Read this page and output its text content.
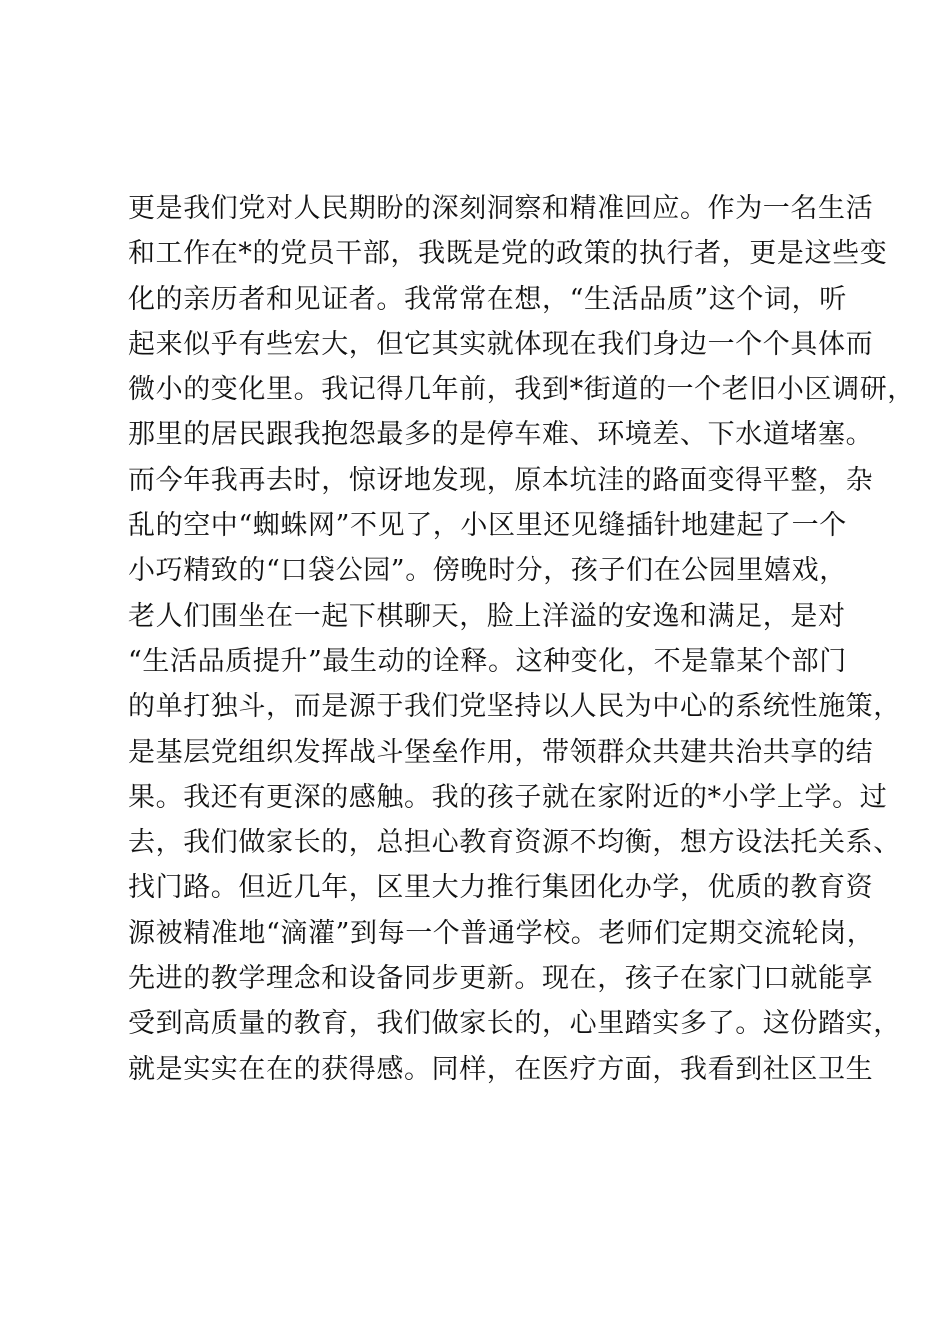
更是我们党对人民期盼的深刻洞察和精准回应。作为一名生活
和工作在*的党员干部，我既是党的政策的执行者，更是这些变
化的亲历者和见证者。我常常在想，“生活品质”这个词，听
起来似乎有些宏大，但它其实就体现在我们身边一个个具体而
微小的变化里。我记得几年前，我到*街道的一个老旧小区调研，
那里的居民跟我抱怨最多的是停车难、环境差、下水道堵塞。
而今年我再去时，惊讶地发现，原本坑洼的路面变得平整，杂
乱的空中“蜘蛛网”不见了，小区里还见缝插针地建起了一个
小巧精致的“口袋公园”。傍晚时分，孩子们在公园里嬉戏，
老人们围坐在一起下棋聊天，脸上洋溢的安逸和满足，是对
“生活品质提升”最生动的诠释。这种变化，不是靠某个部门
的单打独斗，而是源于我们党坚持以人民为中心的系统性施策，
是基层党组织发挥战斗堡垒作用，带领群众共建共治共享的结
果。我还有更深的感触。我的孩子就在家附近的*小学上学。过
去，我们做家长的，总担心教育资源不均衡，想方设法托关系、
找门路。但近几年，区里大力推行集团化办学，优质的教育资
源被精准地“滴灌”到每一个普通学校。老师们定期交流轮岗，
先进的教学理念和设备同步更新。现在，孩子在家门口就能享
受到高质量的教育，我们做家长的，心里踏实多了。这份踏实，
就是实实在在的获得感。同样，在医疗方面，我看到社区卫生
